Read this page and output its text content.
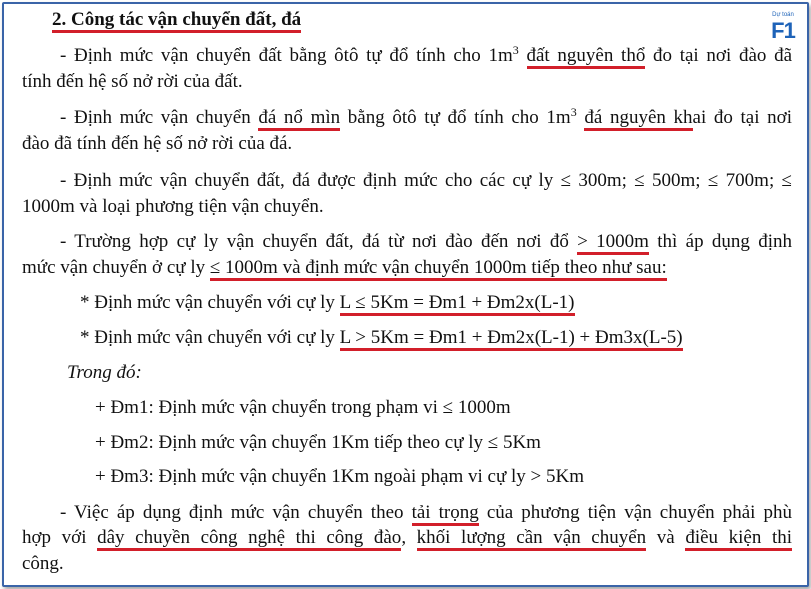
Dự toán
F1
2. Công tác vận chuyển đất, đá
- Định mức vận chuyển đất bằng ôtô tự đổ tính cho $1m^3$ đất nguyên thổ đo tại nơi đào đã
tính đến hệ số nở rời của đất.
- Định mức vận chuyển đá nổ mìn bằng ôtô tự đổ tính cho $1m^3$ đá nguyên khai đo tại nơi
đào đã tính đến hệ số nở rời của đá.
- Định mức vận chuyển đất, đá được định mức cho các cự ly ≤ 300m; ≤ 500m; ≤ 700m; ≤
1000m và loại phương tiện vận chuyển.
- Trường hợp cự ly vận chuyển đất, đá từ nơi đào đến nơi đổ > 1000m thì áp dụng định
mức vận chuyển ở cự ly ≤ 1000m và định mức vận chuyển 1000m tiếp theo như sau:
* Định mức vận chuyển với cự ly L ≤ 5Km = Đm1 + Đm2x(L-1)
* Định mức vận chuyển với cự ly L > 5Km = Đm1 + Đm2x(L-1) + Đm3x(L-5)
Trong đó:
+ Đm1: Định mức vận chuyển trong phạm vi ≤ 1000m
+ Đm2: Định mức vận chuyển 1Km tiếp theo cự ly ≤ 5Km
+ Đm3: Định mức vận chuyển 1Km ngoài phạm vi cự ly > 5Km
- Việc áp dụng định mức vận chuyển theo tải trọng của phương tiện vận chuyển phải phù
hợp với dây chuyền công nghệ thi công đào, khối lượng cần vận chuyển và điều kiện thi
công.
